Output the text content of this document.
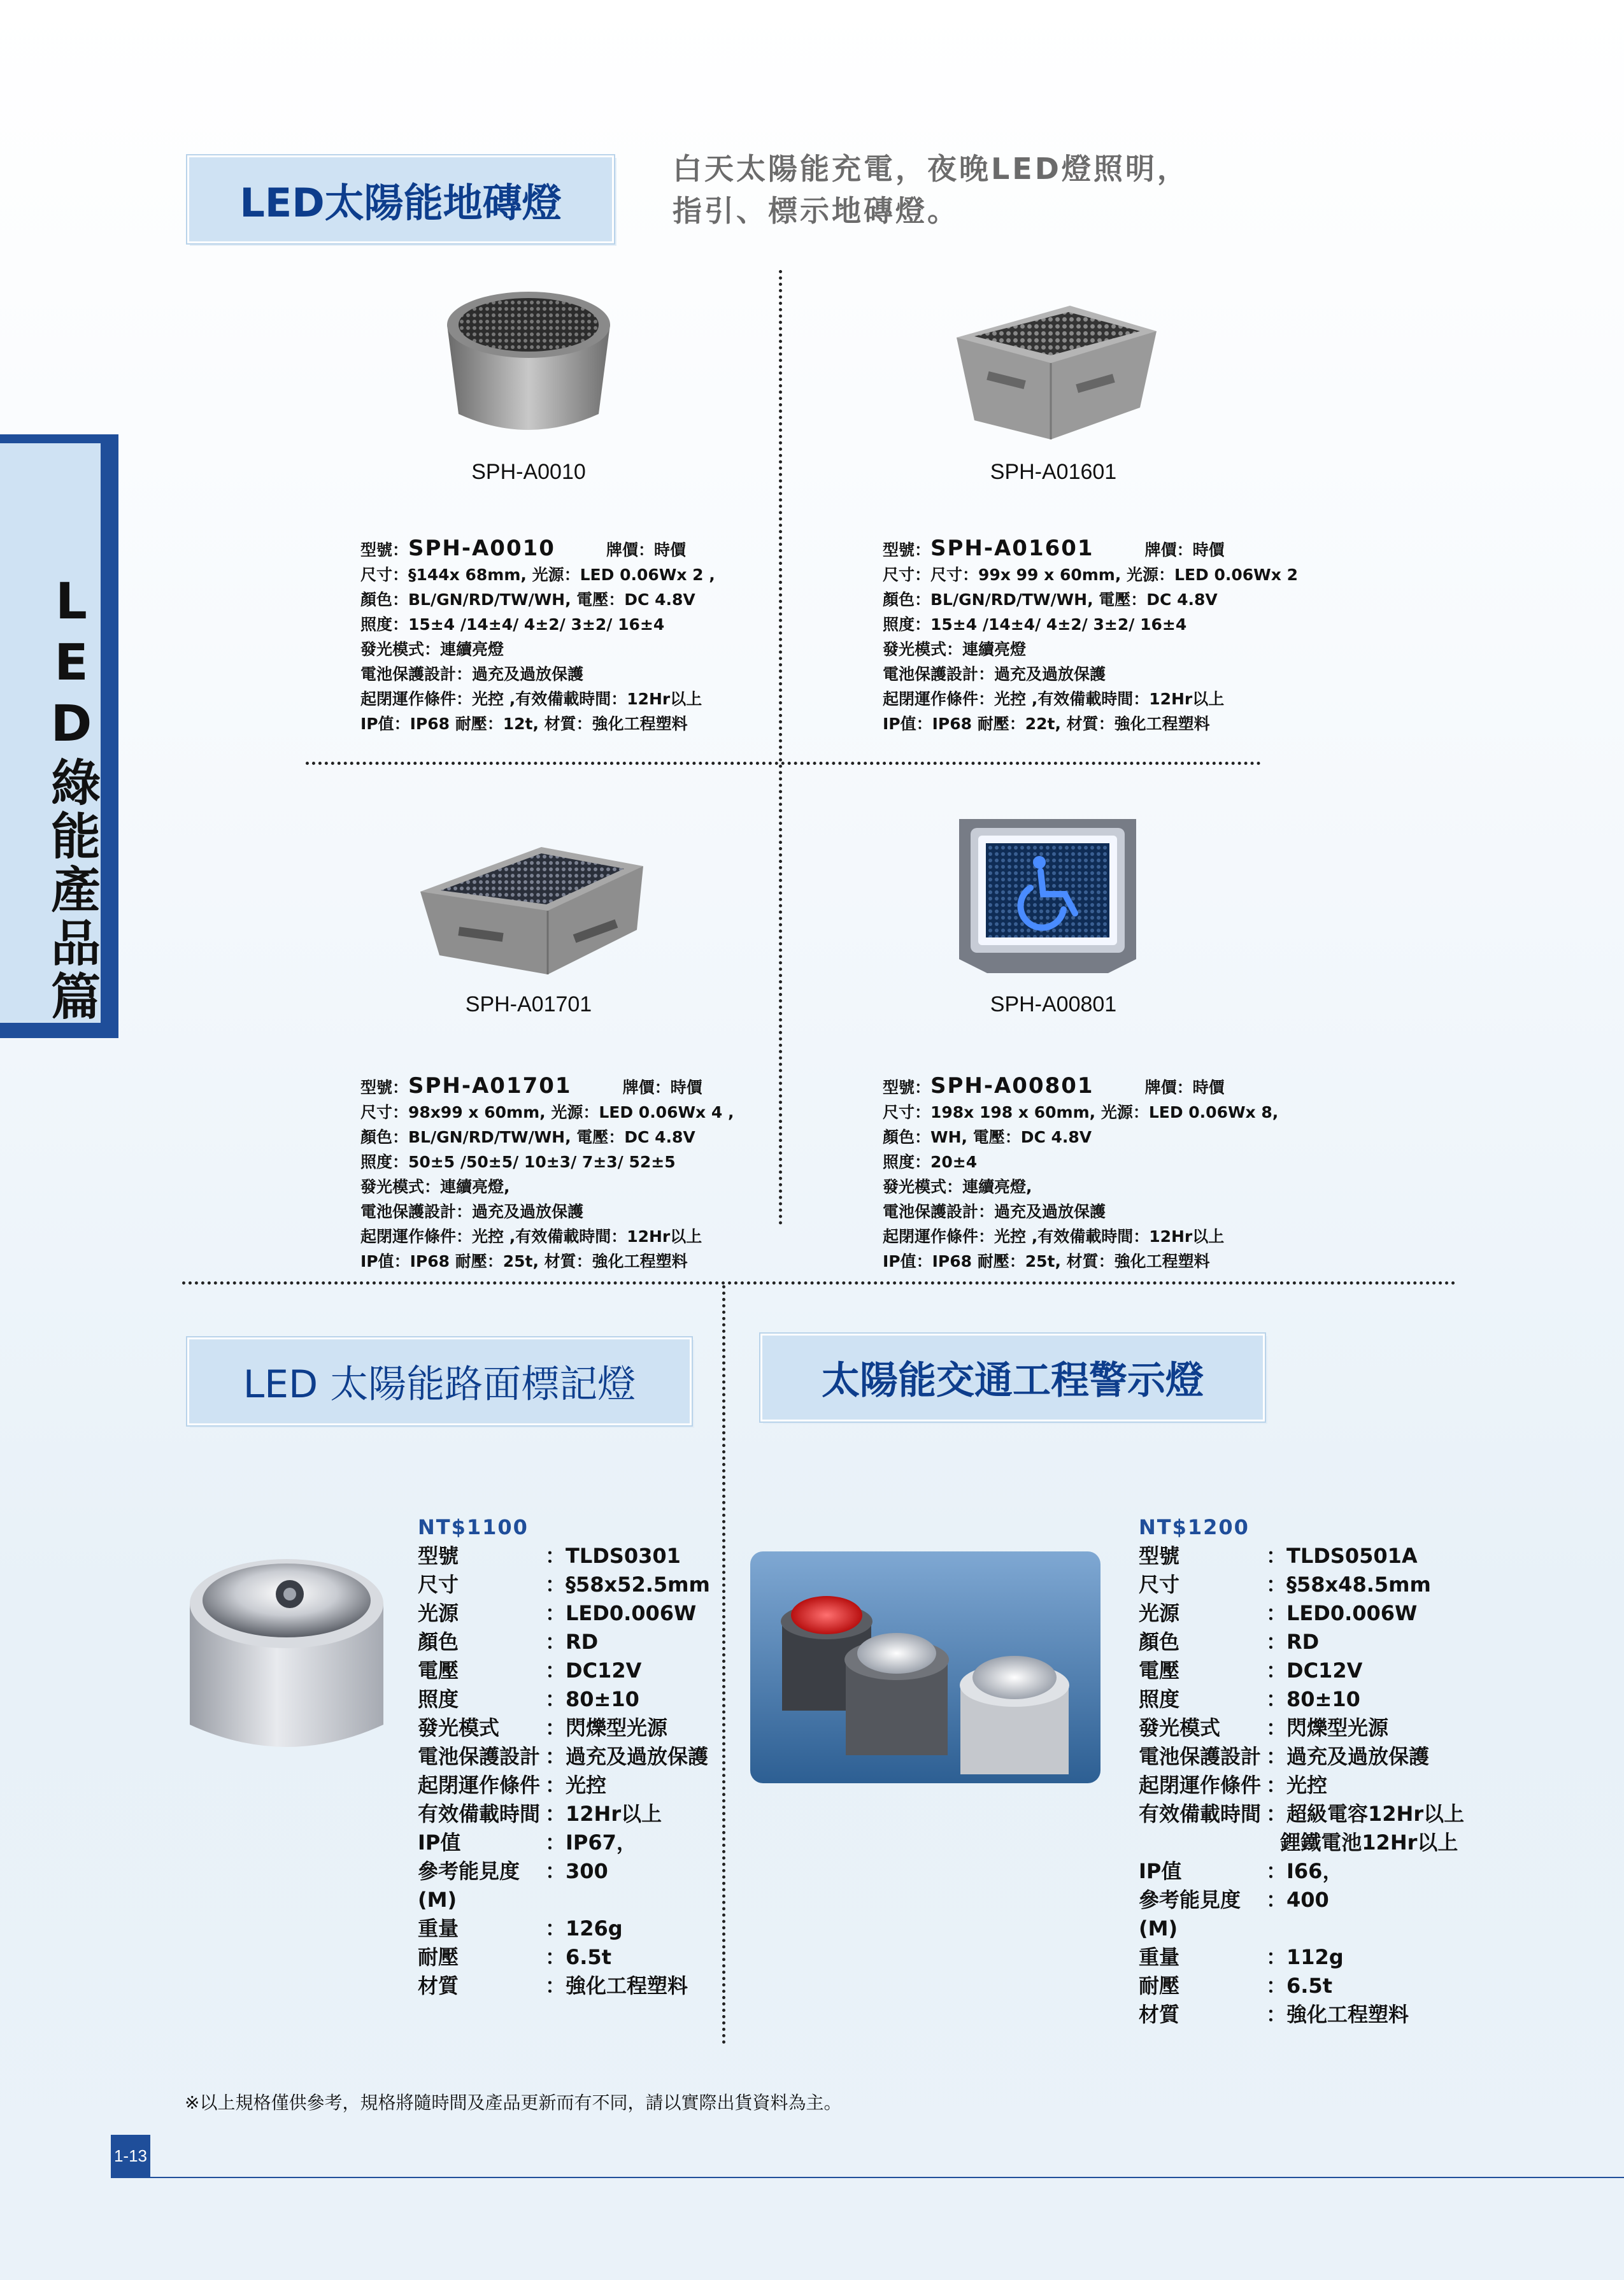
LED綠能產品篇
LED太陽能地磚燈
白天太陽能充電，夜晚LED燈照明，
指引、標示地磚燈。
SPH-A0010	SPH-A01601
型號：SPH-A0010	牌價：時價
尺寸：§144x 68mm, 光源：LED 0.06Wx 2 ,
顏色：BL/GN/RD/TW/WH, 電壓：DC 4.8V
照度：15±4 /14±4/ 4±2/ 3±2/ 16±4
發光模式：連續亮燈
電池保護設計：過充及過放保護
起閉運作條件：光控 ,有效備載時間：12Hr以上
IP值：IP68 耐壓：12t, 材質：強化工程塑料
型號：SPH-A01601	牌價：時價
尺寸：尺寸：99x 99 x 60mm, 光源：LED 0.06Wx 2
顏色：BL/GN/RD/TW/WH, 電壓：DC 4.8V
照度：15±4 /14±4/ 4±2/ 3±2/ 16±4
發光模式：連續亮燈
電池保護設計：過充及過放保護
起閉運作條件：光控 ,有效備載時間：12Hr以上
IP值：IP68 耐壓：22t, 材質：強化工程塑料
SPH-A01701	SPH-A00801
型號：SPH-A01701	牌價：時價
尺寸：98x99 x 60mm, 光源：LED 0.06Wx 4 ,
顏色：BL/GN/RD/TW/WH, 電壓：DC 4.8V
照度：50±5 /50±5/ 10±3/ 7±3/ 52±5
發光模式：連續亮燈,
電池保護設計：過充及過放保護
起閉運作條件：光控 ,有效備載時間：12Hr以上
IP值：IP68 耐壓：25t, 材質：強化工程塑料
型號：SPH-A00801	牌價：時價
尺寸：198x 198 x 60mm, 光源：LED 0.06Wx 8,
顏色：WH, 電壓：DC 4.8V
照度：20±4
發光模式：連續亮燈,
電池保護設計：過充及過放保護
起閉運作條件：光控 ,有效備載時間：12Hr以上
IP值：IP68 耐壓：25t, 材質：強化工程塑料
LED 太陽能路面標記燈	太陽能交通工程警示燈
NT$1100
型號	：TLDS0301
尺寸	：§58x52.5mm
光源	：LED0.006W
顏色	：RD
電壓	：DC12V
照度	：80±10
發光模式	：閃爍型光源
電池保護設計 ：過充及過放保護
起閉運作條件 ：光控
有效備載時間 ：12Hr以上
IP值	：IP67，
參考能見度(M)
：300
重量	：126g
耐壓	：6.5t
材質	：強化工程塑料
NT$1200
型號	：TLDS0501A
尺寸	：§58x48.5mm
光源	：LED0.006W
顏色	：RD
電壓	：DC12V
照度	：80±10
發光模式	：閃爍型光源
電池保護設計 ：過充及過放保護
起閉運作條件 ：光控
有效備載時間 ：超級電容12Hr以上
鋰鐵電池12Hr以上
IP值	：I66，
參考能見度(M)
：400
重量	：112g
耐壓	：6.5t
材質	：強化工程塑料
※以上規格僅供參考，規格將隨時間及產品更新而有不同，請以實際出貨資料為主。
1-13
